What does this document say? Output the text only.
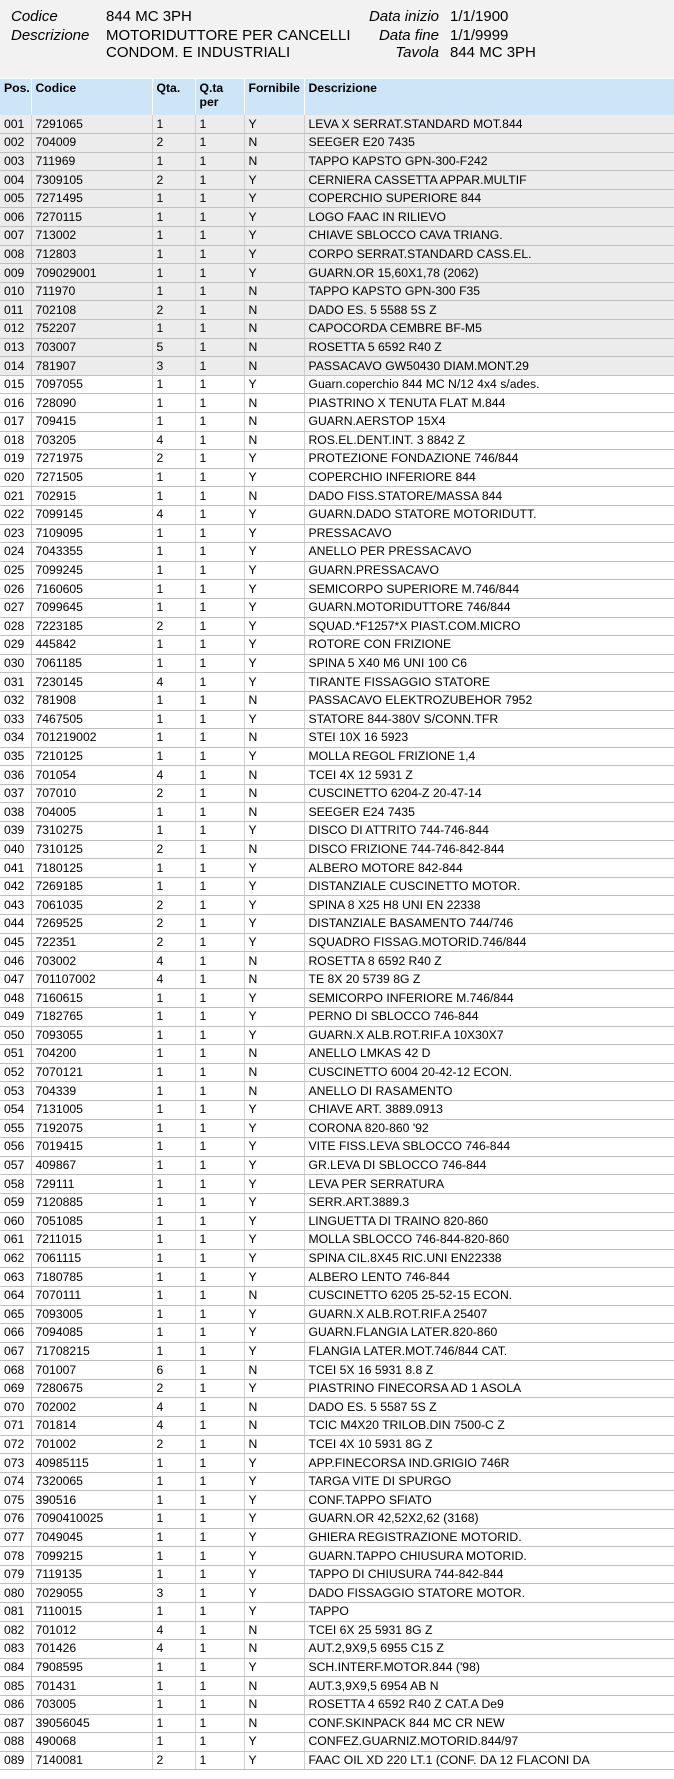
Codice	844 MC 3PH
Descrizione MOTORIDUTTORE PER CANCELLI
CONDOM. E INDUSTRIALI
Data inizio 1/1/1900
Data fine 1/1/9999
Tavola 844 MC 3PH
Pos.	Codice	Qta.	Q.ta per	Fornibile	Descrizione
001	7291065	1	1	Y	LEVA X SERRAT.STANDARD MOT.844
002	704009	2	1	N	SEEGER E20 7435
003	711969	1	1	N	TAPPO KAPSTO GPN-300-F242
004	7309105	2	1	Y	CERNIERA CASSETTA APPAR.MULTIF
005	7271495	1	1	Y	COPERCHIO SUPERIORE 844
006	7270115	1	1	Y	LOGO FAAC IN RILIEVO
007	713002	1	1	Y	CHIAVE SBLOCCO CAVA TRIANG.
008	712803	1	1	Y	CORPO SERRAT.STANDARD CASS.EL.
009	709029001	1	1	Y	GUARN.OR 15,60X1,78 (2062)
010	711970	1	1	N	TAPPO KAPSTO GPN-300 F35
011	702108	2	1	N	DADO ES. 5 5588 5S Z
012	752207	1	1	N	CAPOCORDA CEMBRE BF-M5
013	703007	5	1	N	ROSETTA 5 6592 R40 Z
014	781907	3	1	N	PASSACAVO GW50430 DIAM.MONT.29
015	7097055	1	1	Y	Guarn.coperchio 844 MC N/12 4x4 s/ades.
016	728090	1	1	N	PIASTRINO X TENUTA FLAT M.844
017	709415	1	1	N	GUARN.AERSTOP 15X4
018	703205	4	1	N	ROS.EL.DENT.INT. 3 8842 Z
019	7271975	2	1	Y	PROTEZIONE FONDAZIONE 746/844
020	7271505	1	1	Y	COPERCHIO INFERIORE 844
021	702915	1	1	N	DADO FISS.STATORE/MASSA 844
022	7099145	4	1	Y	GUARN.DADO STATORE MOTORIDUTT.
023	7109095	1	1	Y	PRESSACAVO
024	7043355	1	1	Y	ANELLO PER PRESSACAVO
025	7099245	1	1	Y	GUARN.PRESSACAVO
026	7160605	1	1	Y	SEMICORPO SUPERIORE M.746/844
027	7099645	1	1	Y	GUARN.MOTORIDUTTORE 746/844
028	7223185	2	1	Y	SQUAD.*F1257*X PIAST.COM.MICRO
029	445842	1	1	Y	ROTORE CON FRIZIONE
030	7061185	1	1	Y	SPINA 5 X40 M6 UNI 100 C6
031	7230145	4	1	Y	TIRANTE FISSAGGIO STATORE
032	781908	1	1	N	PASSACAVO ELEKTROZUBEHOR 7952
033	7467505	1	1	Y	STATORE 844-380V S/CONN.TFR
034	701219002	1	1	N	STEI 10X 16 5923
035	7210125	1	1	Y	MOLLA REGOL FRIZIONE 1,4
036	701054	4	1	N	TCEI 4X 12 5931 Z
037	707010	2	1	N	CUSCINETTO 6204-Z 20-47-14
038	704005	1	1	N	SEEGER E24 7435
039	7310275	1	1	Y	DISCO DI ATTRITO 744-746-844
040	7310125	2	1	N	DISCO FRIZIONE 744-746-842-844
041	7180125	1	1	Y	ALBERO MOTORE 842-844
042	7269185	1	1	Y	DISTANZIALE CUSCINETTO MOTOR.
043	7061035	2	1	Y	SPINA 8 X25 H8 UNI EN 22338
044	7269525	2	1	Y	DISTANZIALE BASAMENTO 744/746
045	722351	2	1	Y	SQUADRO FISSAG.MOTORID.746/844
046	703002	4	1	N	ROSETTA 8 6592 R40 Z
047	701107002	4	1	N	TE 8X 20 5739 8G Z
048	7160615	1	1	Y	SEMICORPO INFERIORE M.746/844
049	7182765	1	1	Y	PERNO DI SBLOCCO 746-844
050	7093055	1	1	Y	GUARN.X ALB.ROT.RIF.A 10X30X7
051	704200	1	1	N	ANELLO LMKAS 42 D
052	7070121	1	1	N	CUSCINETTO 6004 20-42-12 ECON.
053	704339	1	1	N	ANELLO DI RASAMENTO
054	7131005	1	1	Y	CHIAVE ART. 3889.0913
055	7192075	1	1	Y	CORONA 820-860 '92
056	7019415	1	1	Y	VITE FISS.LEVA SBLOCCO 746-844
057	409867	1	1	Y	GR.LEVA DI SBLOCCO 746-844
058	729111	1	1	Y	LEVA PER SERRATURA
059	7120885	1	1	Y	SERR.ART.3889.3
060	7051085	1	1	Y	LINGUETTA DI TRAINO 820-860
061	7211015	1	1	Y	MOLLA SBLOCCO 746-844-820-860
062	7061115	1	1	Y	SPINA CIL.8X45 RIC.UNI EN22338
063	7180785	1	1	Y	ALBERO LENTO 746-844
064	7070111	1	1	N	CUSCINETTO 6205 25-52-15 ECON.
065	7093005	1	1	Y	GUARN.X ALB.ROT.RIF.A 25407
066	7094085	1	1	Y	GUARN.FLANGIA LATER.820-860
067	71708215	1	1	Y	FLANGIA LATER.MOT.746/844 CAT.
068	701007	6	1	N	TCEI 5X 16 5931 8.8 Z
069	7280675	2	1	Y	PIASTRINO FINECORSA AD 1 ASOLA
070	702002	4	1	N	DADO ES. 5 5587 5S Z
071	701814	4	1	N	TCIC M4X20 TRILOB.DIN 7500-C Z
072	701002	2	1	N	TCEI 4X 10 5931 8G Z
073	40985115	1	1	Y	APP.FINECORSA IND.GRIGIO 746R
074	7320065	1	1	Y	TARGA VITE DI SPURGO
075	390516	1	1	Y	CONF.TAPPO SFIATO
076	7090410025	1	1	Y	GUARN.OR 42,52X2,62 (3168)
077	7049045	1	1	Y	GHIERA REGISTRAZIONE MOTORID.
078	7099215	1	1	Y	GUARN.TAPPO CHIUSURA MOTORID.
079	7119135	1	1	Y	TAPPO DI CHIUSURA 744-842-844
080	7029055	3	1	Y	DADO FISSAGGIO STATORE MOTOR.
081	7110015	1	1	Y	TAPPO
082	701012	4	1	N	TCEI 6X 25 5931 8G Z
083	701426	4	1	N	AUT.2,9X9,5 6955 C15 Z
084	7908595	1	1	Y	SCH.INTERF.MOTOR.844 ('98)
085	701431	1	1	N	AUT.3,9X9,5 6954 AB N
086	703005	1	1	N	ROSETTA 4 6592 R40 Z CAT.A De9
087	39056045	1	1	N	CONF.SKINPACK 844 MC CR NEW
088	490068	1	1	Y	CONFEZ.GUARNIZ.MOTORID.844/97
089	7140081	2	1	Y	FAAC OIL XD 220 LT.1 (CONF. DA 12 FLACONI DA
